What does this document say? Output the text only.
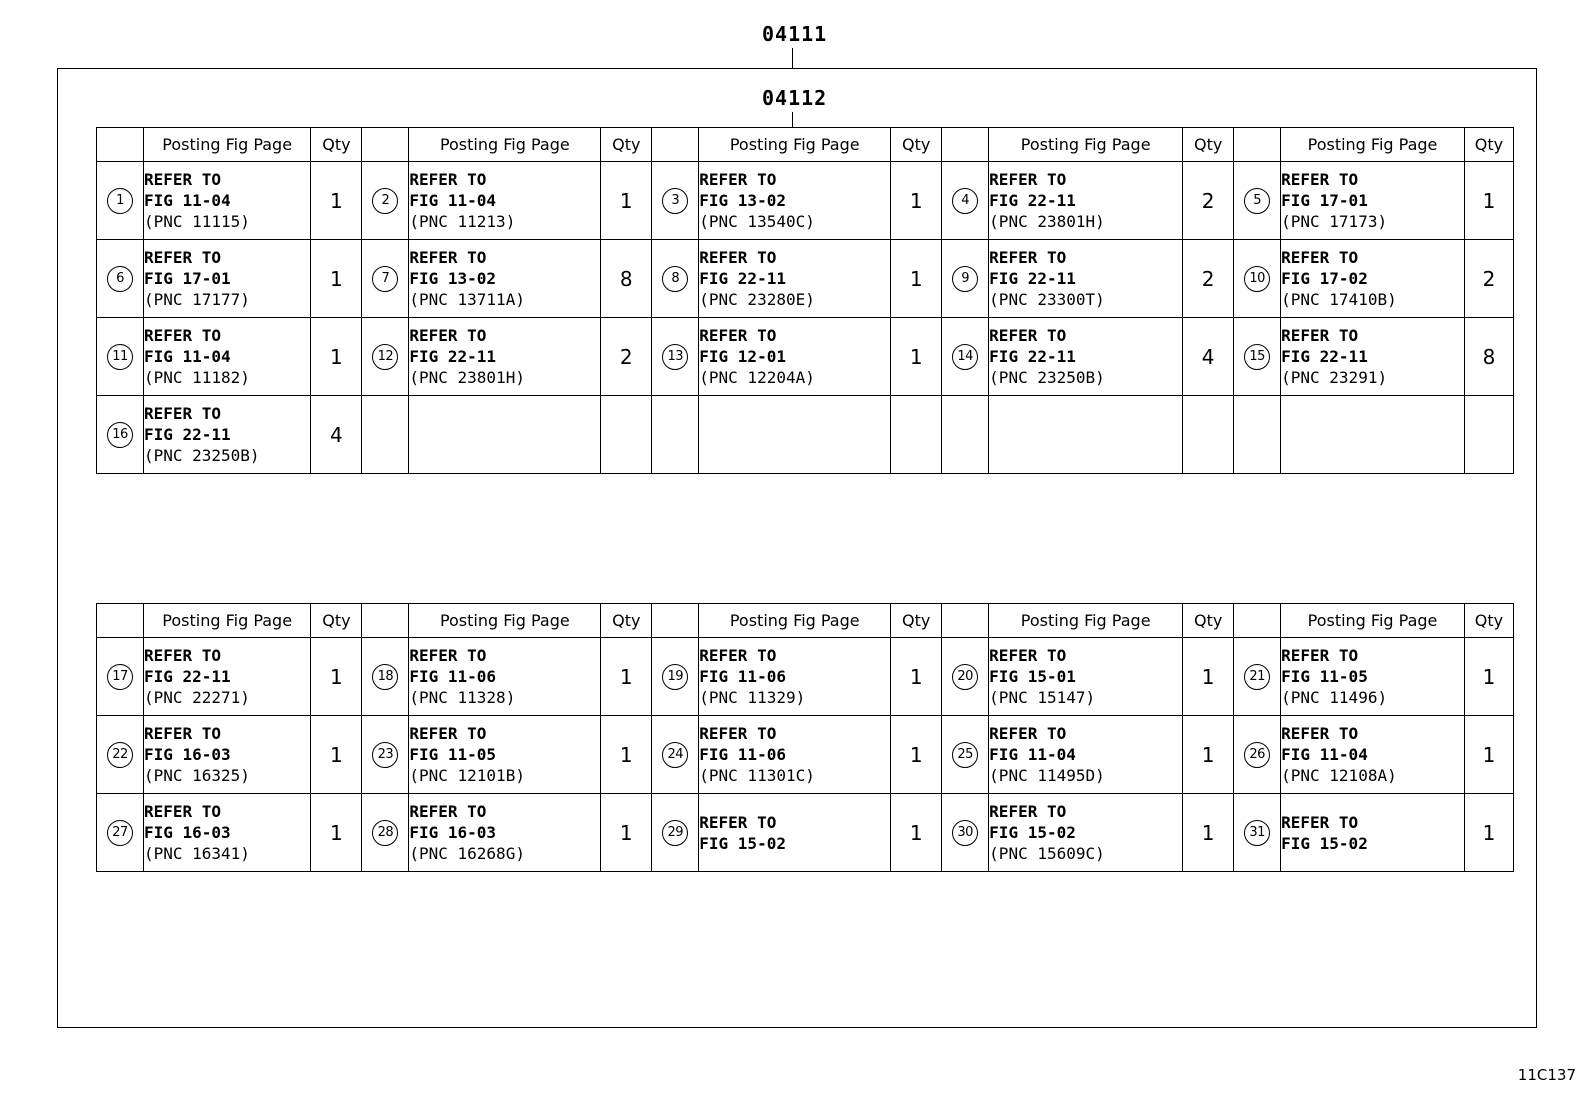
04111
04112
	Posting Fig Page	Qty		Posting Fig Page	Qty		Posting Fig Page	Qty		Posting Fig Page	Qty		Posting Fig Page	Qty
1	REFER TO
FIG 11-04
(PNC 11115)	1	2	REFER TO
FIG 11-04
(PNC 11213)	1	3	REFER TO
FIG 13-02
(PNC 13540C)	1	4	REFER TO
FIG 22-11
(PNC 23801H)	2	5	REFER TO
FIG 17-01
(PNC 17173)	1
6	REFER TO
FIG 17-01
(PNC 17177)	1	7	REFER TO
FIG 13-02
(PNC 13711A)	8	8	REFER TO
FIG 22-11
(PNC 23280E)	1	9	REFER TO
FIG 22-11
(PNC 23300T)	2	10	REFER TO
FIG 17-02
(PNC 17410B)	2
11	REFER TO
FIG 11-04
(PNC 11182)	1	12	REFER TO
FIG 22-11
(PNC 23801H)	2	13	REFER TO
FIG 12-01
(PNC 12204A)	1	14	REFER TO
FIG 22-11
(PNC 23250B)	4	15	REFER TO
FIG 22-11
(PNC 23291)	8
16	REFER TO
FIG 22-11
(PNC 23250B)	4												
	Posting Fig Page	Qty		Posting Fig Page	Qty		Posting Fig Page	Qty		Posting Fig Page	Qty		Posting Fig Page	Qty
17	REFER TO
FIG 22-11
(PNC 22271)	1	18	REFER TO
FIG 11-06
(PNC 11328)	1	19	REFER TO
FIG 11-06
(PNC 11329)	1	20	REFER TO
FIG 15-01
(PNC 15147)	1	21	REFER TO
FIG 11-05
(PNC 11496)	1
22	REFER TO
FIG 16-03
(PNC 16325)	1	23	REFER TO
FIG 11-05
(PNC 12101B)	1	24	REFER TO
FIG 11-06
(PNC 11301C)	1	25	REFER TO
FIG 11-04
(PNC 11495D)	1	26	REFER TO
FIG 11-04
(PNC 12108A)	1
27	REFER TO
FIG 16-03
(PNC 16341)	1	28	REFER TO
FIG 16-03
(PNC 16268G)	1	29	REFER TO
FIG 15-02	1	30	REFER TO
FIG 15-02
(PNC 15609C)	1	31	REFER TO
FIG 15-02	1
11C137
